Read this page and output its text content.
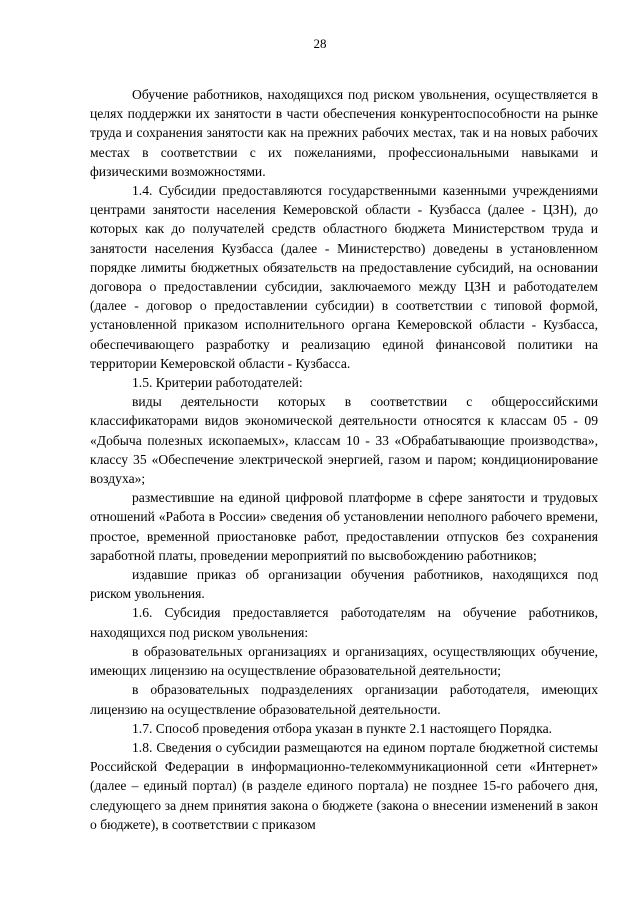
28

Обучение работников, находящихся под риском увольнения, осуществляется в целях поддержки их занятости в части обеспечения конкурентоспособности на рынке труда и сохранения занятости как на прежних рабочих местах, так и на новых рабочих местах в соответствии с их пожеланиями, профессиональными навыками и физическими возможностями.

1.4. Субсидии предоставляются государственными казенными учреждениями центрами занятости населения Кемеровской области - Кузбасса (далее - ЦЗН), до которых как до получателей средств областного бюджета Министерством труда и занятости населения Кузбасса (далее - Министерство) доведены в установленном порядке лимиты бюджетных обязательств на предоставление субсидий, на основании договора о предоставлении субсидии, заключаемого между ЦЗН и работодателем (далее - договор о предоставлении субсидии) в соответствии с типовой формой, установленной приказом исполнительного органа Кемеровской области - Кузбасса, обеспечивающего разработку и реализацию единой финансовой политики на территории Кемеровской области - Кузбасса.

1.5. Критерии работодателей:

виды деятельности которых в соответствии с общероссийскими классификаторами видов экономической деятельности относятся к классам 05 - 09 «Добыча полезных ископаемых», классам 10 - 33 «Обрабатывающие производства», классу 35 «Обеспечение электрической энергией, газом и паром; кондиционирование воздуха»;

разместившие на единой цифровой платформе в сфере занятости и трудовых отношений «Работа в России» сведения об установлении неполного рабочего времени, простое, временной приостановке работ, предоставлении отпусков без сохранения заработной платы, проведении мероприятий по высвобождению работников;

издавшие приказ об организации обучения работников, находящихся под риском увольнения.

1.6. Субсидия предоставляется работодателям на обучение работников, находящихся под риском увольнения:

в образовательных организациях и организациях, осуществляющих обучение, имеющих лицензию на осуществление образовательной деятельности;

в образовательных подразделениях организации работодателя, имеющих лицензию на осуществление образовательной деятельности.

1.7. Способ проведения отбора указан в пункте 2.1 настоящего Порядка.

1.8. Сведения о субсидии размещаются на едином портале бюджетной системы Российской Федерации в информационно-телекоммуникационной сети «Интернет» (далее – единый портал) (в разделе единого портала) не позднее 15-го рабочего дня, следующего за днем принятия закона о бюджете (закона о внесении изменений в закон о бюджете), в соответствии с приказом
